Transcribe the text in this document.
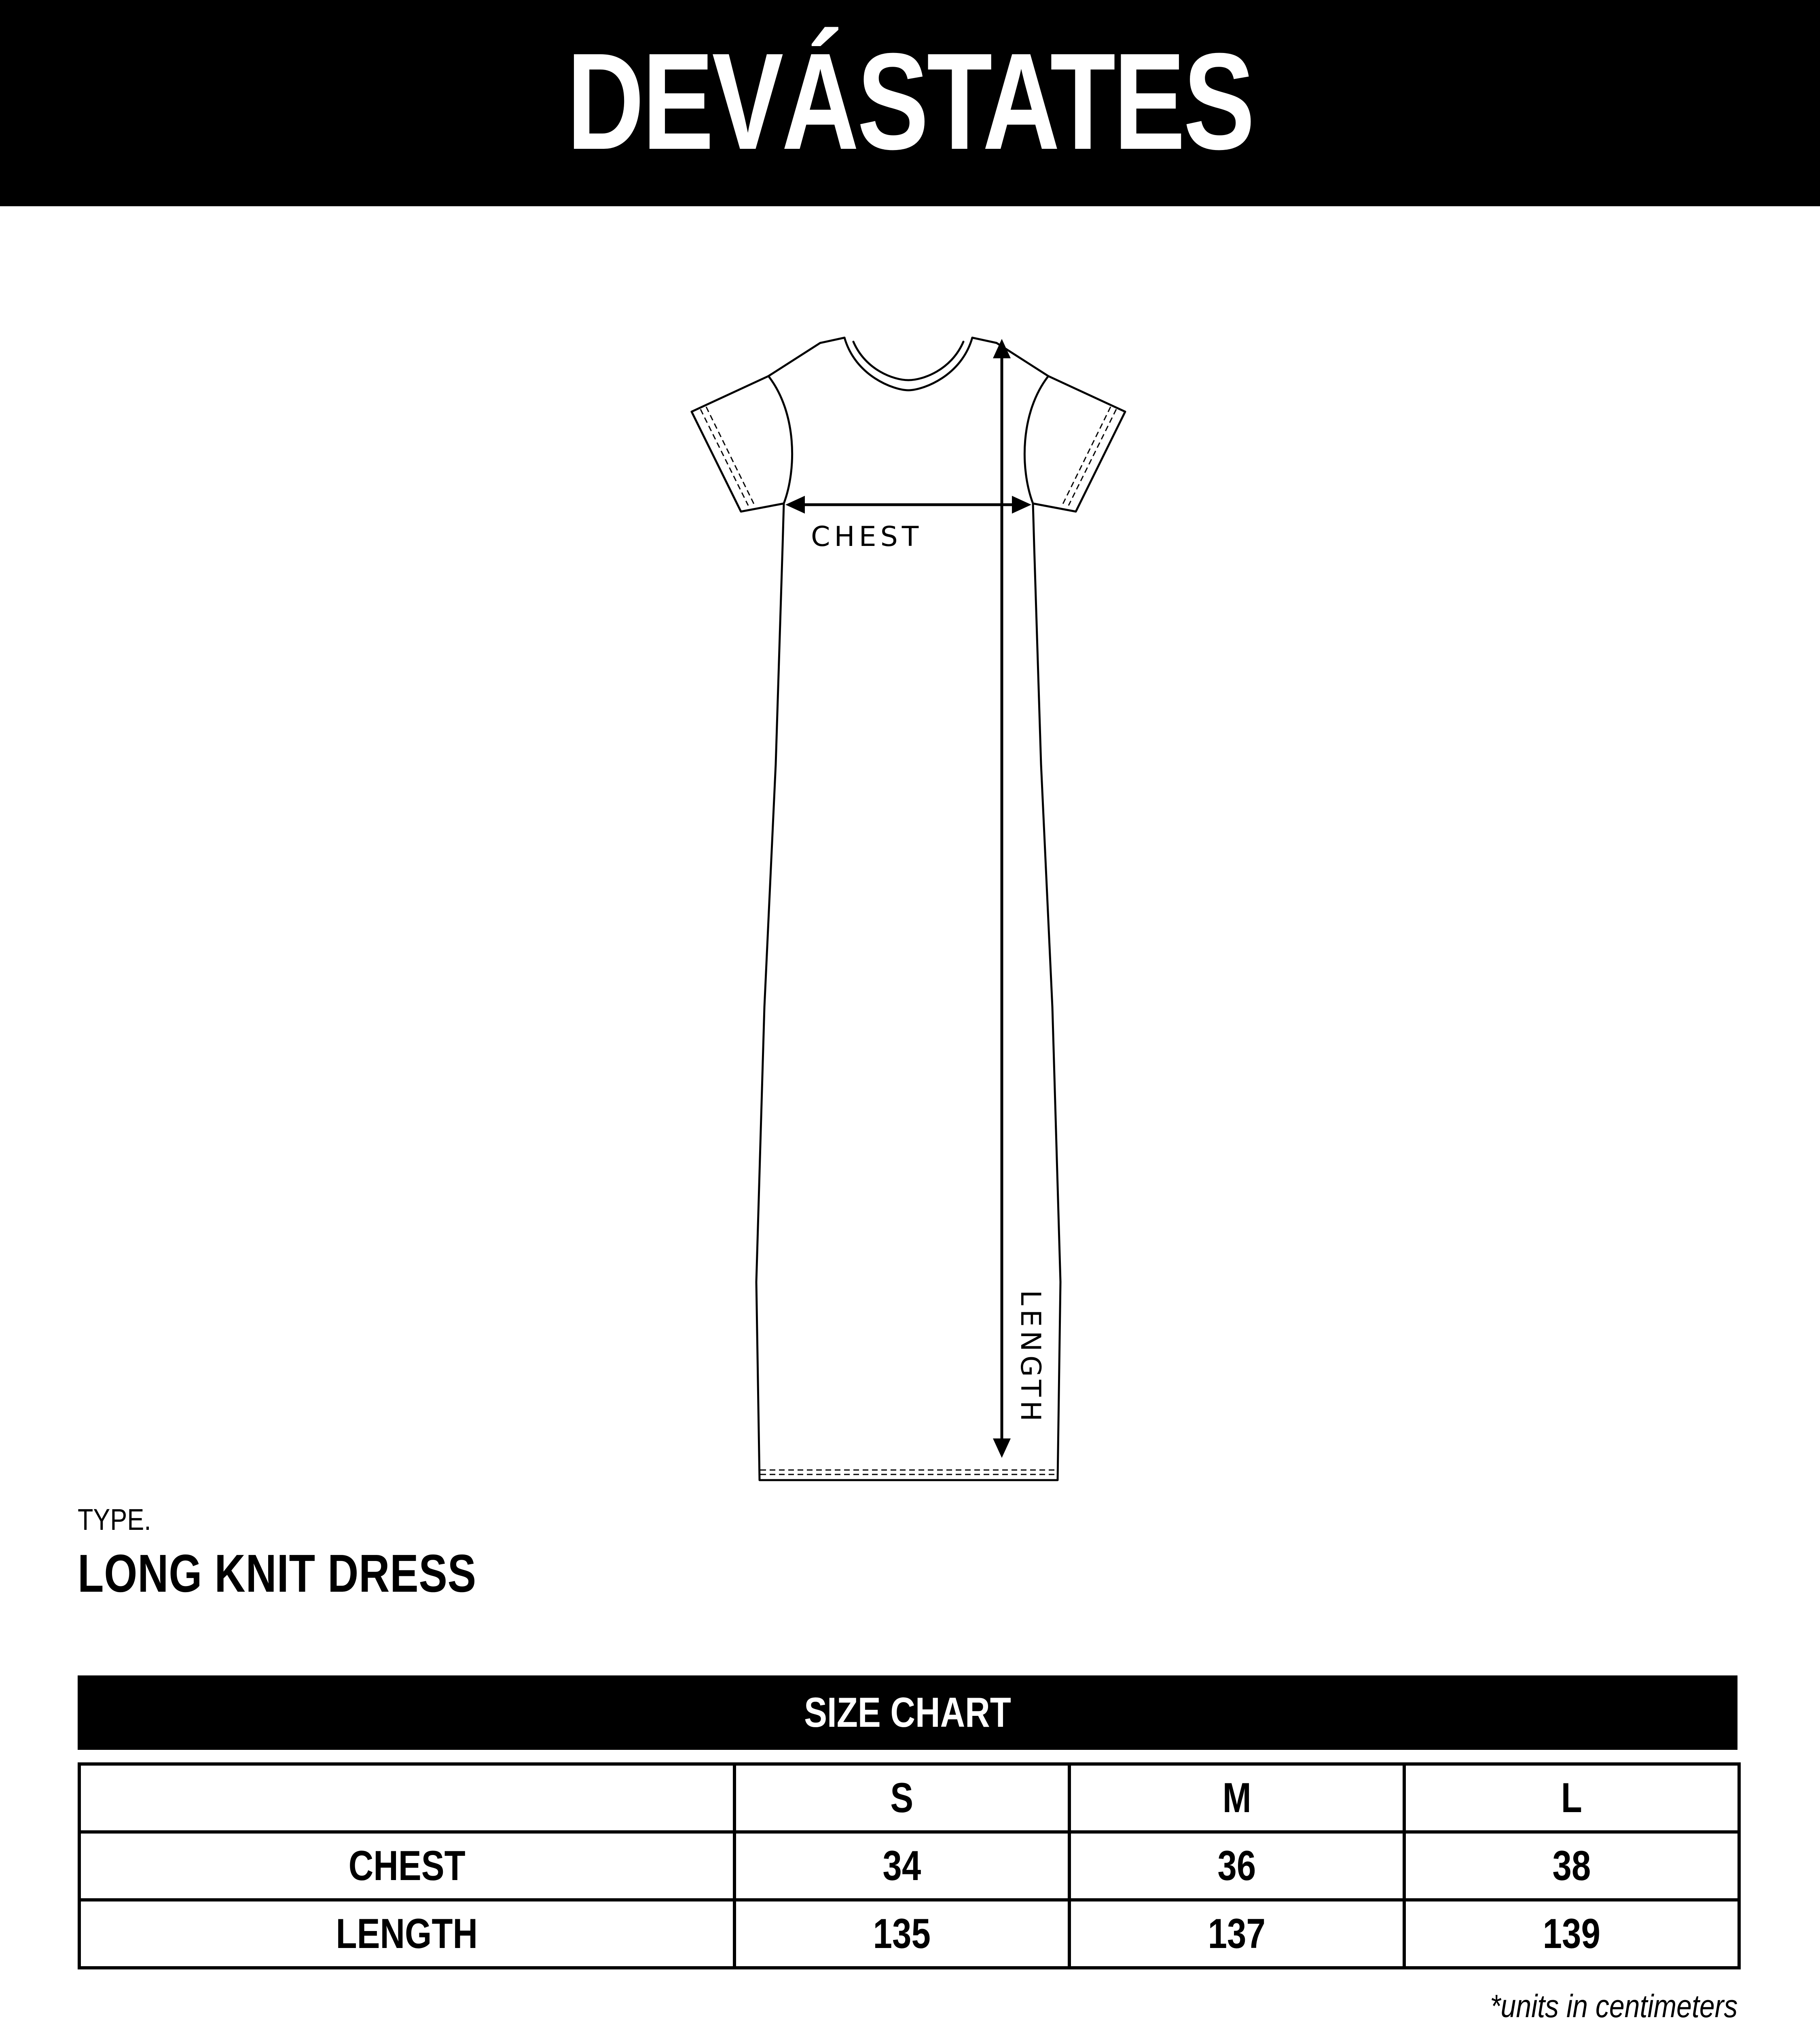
DEVÁSTATES
CHEST
LENGTH
TYPE.
LONG KNIT DRESS
SIZE CHART
	S	M	L
CHEST	34	36	38
LENGTH	135	137	139
*units in centimeters
